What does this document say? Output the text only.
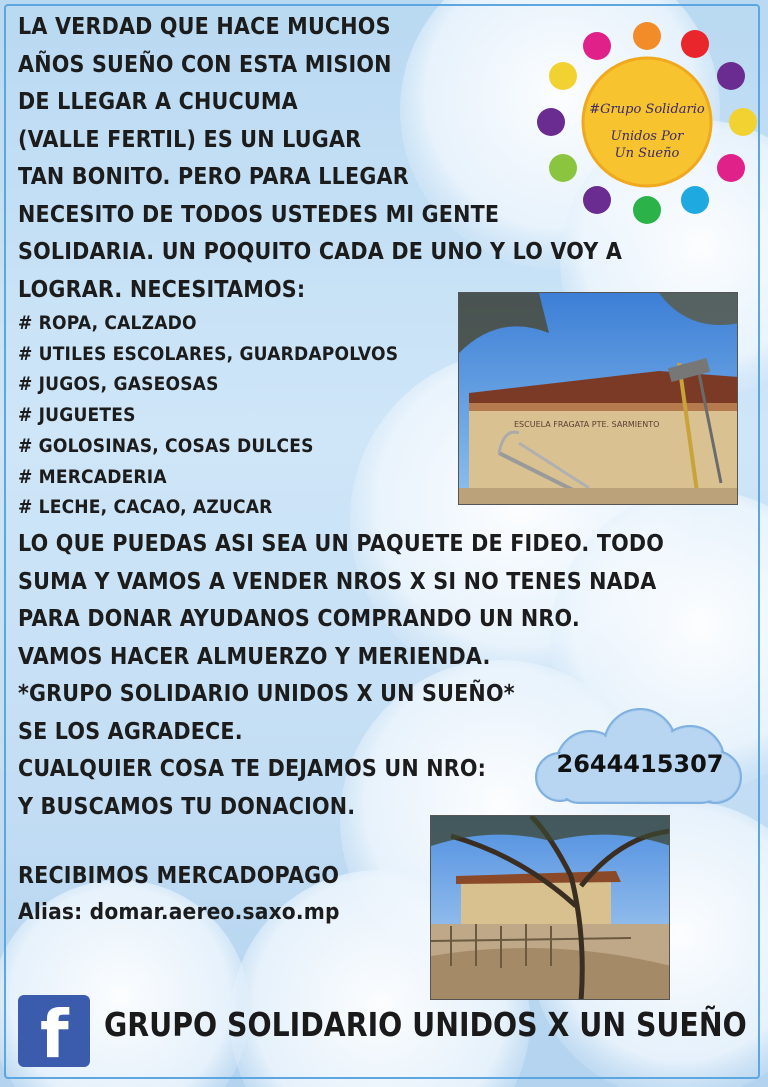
#Grupo Solidario
Unidos Por
Un Sueño
LA VERDAD QUE HACE MUCHOS
AÑOS SUEÑO CON ESTA MISION
DE LLEGAR A CHUCUMA
(VALLE FERTIL) ES UN LUGAR
TAN BONITO. PERO PARA LLEGAR
NECESITO DE TODOS USTEDES MI GENTE
SOLIDARIA. UN POQUITO CADA DE UNO Y LO VOY A
LOGRAR. NECESITAMOS:
# ROPA, CALZADO
# UTILES ESCOLARES, GUARDAPOLVOS
# JUGOS, GASEOSAS
# JUGUETES
# GOLOSINAS, COSAS DULCES
# MERCADERIA
# LECHE, CACAO, AZUCAR
ESCUELA FRAGATA PTE. SARMIENTO
LO QUE PUEDAS ASI SEA UN PAQUETE DE FIDEO. TODO
SUMA Y VAMOS A VENDER NROS X SI NO TENES NADA
PARA DONAR AYUDANOS COMPRANDO UN NRO.
VAMOS HACER ALMUERZO Y MERIENDA.
*GRUPO SOLIDARIO UNIDOS X UN SUEÑO*
SE LOS AGRADECE.
CUALQUIER COSA TE DEJAMOS UN NRO:
Y BUSCAMOS TU DONACION.
2644415307
RECIBIMOS MERCADOPAGO
Alias: domar.aereo.saxo.mp
f GRUPO SOLIDARIO UNIDOS X UN SUEÑO
